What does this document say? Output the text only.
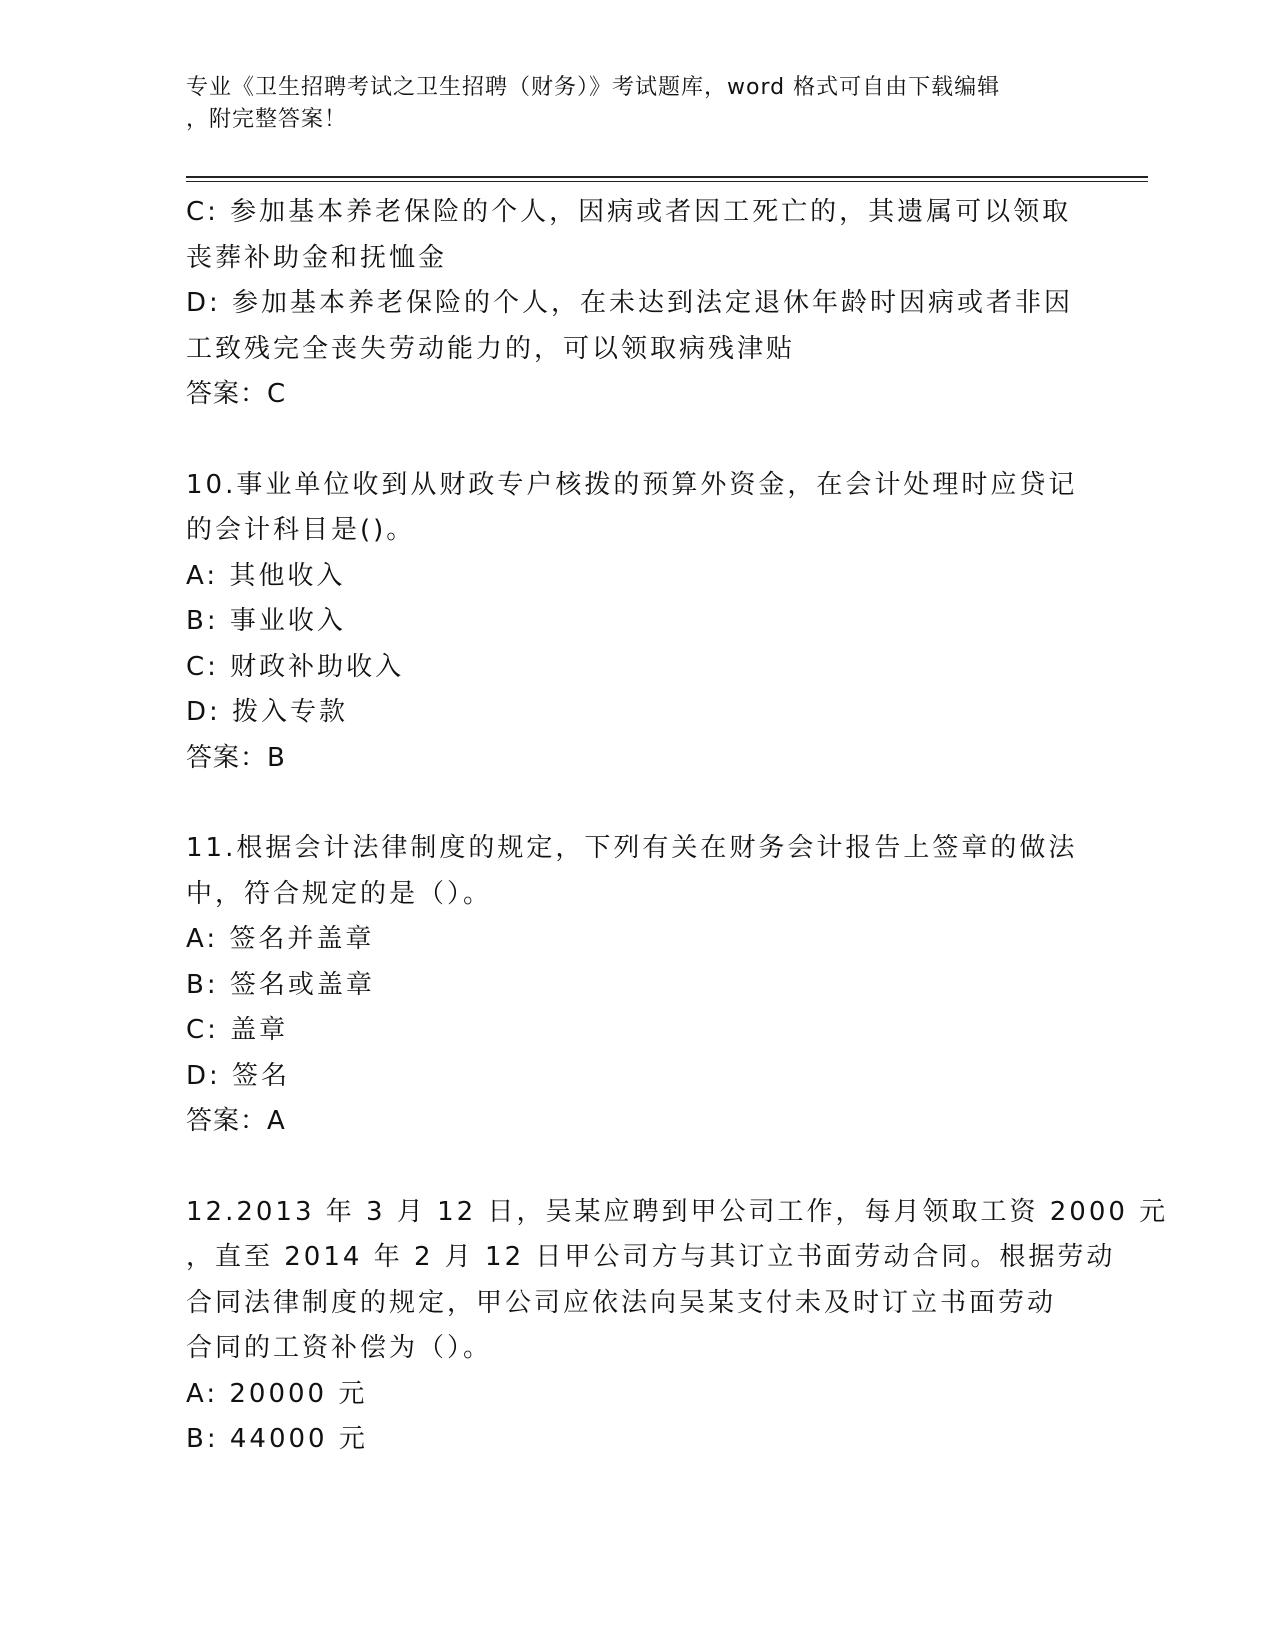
专业《卫生招聘考试之卫生招聘（财务）》考试题库，word 格式可自由下载编辑
，附完整答案！
C: 参加基本养老保险的个人，因病或者因工死亡的，其遗属可以领取
丧葬补助金和抚恤金
D: 参加基本养老保险的个人，在未达到法定退休年龄时因病或者非因
工致残完全丧失劳动能力的，可以领取病残津贴
答案：C
10.事业单位收到从财政专户核拨的预算外资金，在会计处理时应贷记
的会计科目是()。
A: 其他收入
B: 事业收入
C: 财政补助收入
D: 拨入专款
答案：B
11.根据会计法律制度的规定，下列有关在财务会计报告上签章的做法
中，符合规定的是（）。
A: 签名并盖章
B: 签名或盖章
C: 盖章
D: 签名
答案：A
12.2013 年 3 月 12 日，吴某应聘到甲公司工作，每月领取工资 2000 元
，直至 2014 年 2 月 12 日甲公司方与其订立书面劳动合同。根据劳动
合同法律制度的规定，甲公司应依法向吴某支付未及时订立书面劳动
合同的工资补偿为（）。
A: 20000 元
B: 44000 元
